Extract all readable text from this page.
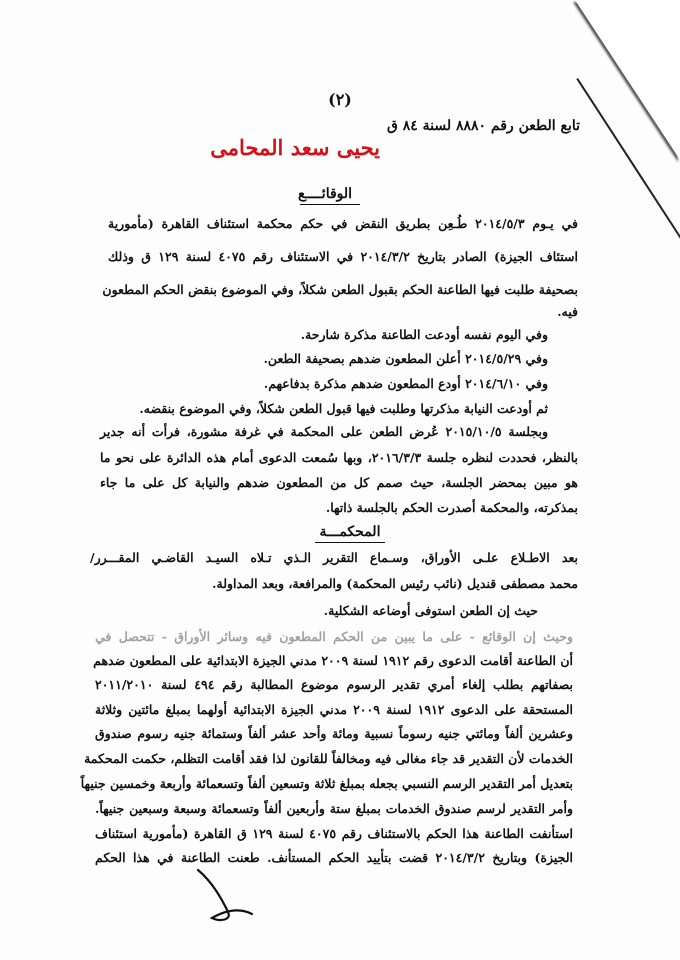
(٢)
تابع الطعن رقم ٨٨٨٠ لسنة ٨٤ ق
يحيى سعد المحامى
الوقائــــع
في يـوم ٢٠١٤/٥/٣ طُـعِن بطريق النقض في حكم محكمة استئناف القاهرة (مأمورية
استئاف الجيزة) الصادر بتاريخ ٢٠١٤/٣/٢ في الاستئناف رقم ٤٠٧٥ لسنة ١٢٩ ق وذلك
بصحيفة طلبت فيها الطاعنة الحكم بقبول الطعن شكلاً، وفي الموضوع بنقض الحكم المطعون
فيه.
وفي اليوم نفسه أودعت الطاعنة مذكرة شارحة.
وفي ٢٠١٤/٥/٢٩ أعلن المطعون ضدهم بصحيفة الطعن.
وفي ٢٠١٤/٦/١٠ أودع المطعون ضدهم مذكرة بدفاعهم.
ثم أودعت النيابة مذكرتها وطلبت فيها قبول الطعن شكلاً، وفي الموضوع بنقضه.
وبجلسة ٢٠١٥/١٠/٥ عُرض الطعن على المحكمة في غرفة مشورة، فرأت أنه جدير
بالنظر، فحددت لنظره جلسة ٢٠١٦/٣/٣، وبها سُمعت الدعوى أمام هذه الدائرة على نحو ما
هو مبين بمحضر الجلسة، حيث صمم كل من المطعون ضدهم والنيابة كل على ما جاء
بمذكرته، والمحكمة أصدرت الحكم بالجلسة ذاتها.
المحكمـــة
بعد الاطـلاع علـى الأوراق، وسـماع التقرير الـذي تـلاه السيـد القاضـي المقـــرر/
محمد مصطفى قنديل (نائب رئيس المحكمة) والمرافعة، وبعد المداولة.
حيث إن الطعن استوفى أوضاعه الشكلية.
وحيث إن الوقائع - على ما يبين من الحكم المطعون فيه وسائر الأوراق - تتحصل في
أن الطاعنة أقامت الدعوى رقم ١٩١٢ لسنة ٢٠٠٩ مدني الجيزة الابتدائية على المطعون ضدهم
بصفاتهم بطلب إلغاء أمري تقدير الرسوم موضوع المطالبة رقم ٤٩٤ لسنة ٢٠١١/٢٠١٠
المستحقة على الدعوى ١٩١٢ لسنة ٢٠٠٩ مدني الجيزة الابتدائية أولهما بمبلغ مائتين وثلاثة
وعشرين ألفاً ومائتي جنيه رسوماً نسبية ومائة وأحد عشر ألفاً وستمائة جنيه رسوم صندوق
الخدمات لأن التقدير قد جاء مغالى فيه ومخالفاً للقانون لذا فقد أقامت التظلم، حكمت المحكمة
بتعديل أمر التقدير الرسم النسبي بجعله بمبلغ ثلاثة وتسعين ألفاً وتسعمائة وأربعة وخمسين جنيهاً
وأمر التقدير لرسم صندوق الخدمات بمبلغ ستة وأربعين ألفاً وتسعمائة وسبعة وسبعين جنيهاً.
استأنفت الطاعنة هذا الحكم بالاستئناف رقم ٤٠٧٥ لسنة ١٢٩ ق القاهرة (مأمورية استئناف
الجيزة) وبتاريخ ٢٠١٤/٣/٢ قضت بتأييد الحكم المستأنف. طعنت الطاعنة في هذا الحكم
